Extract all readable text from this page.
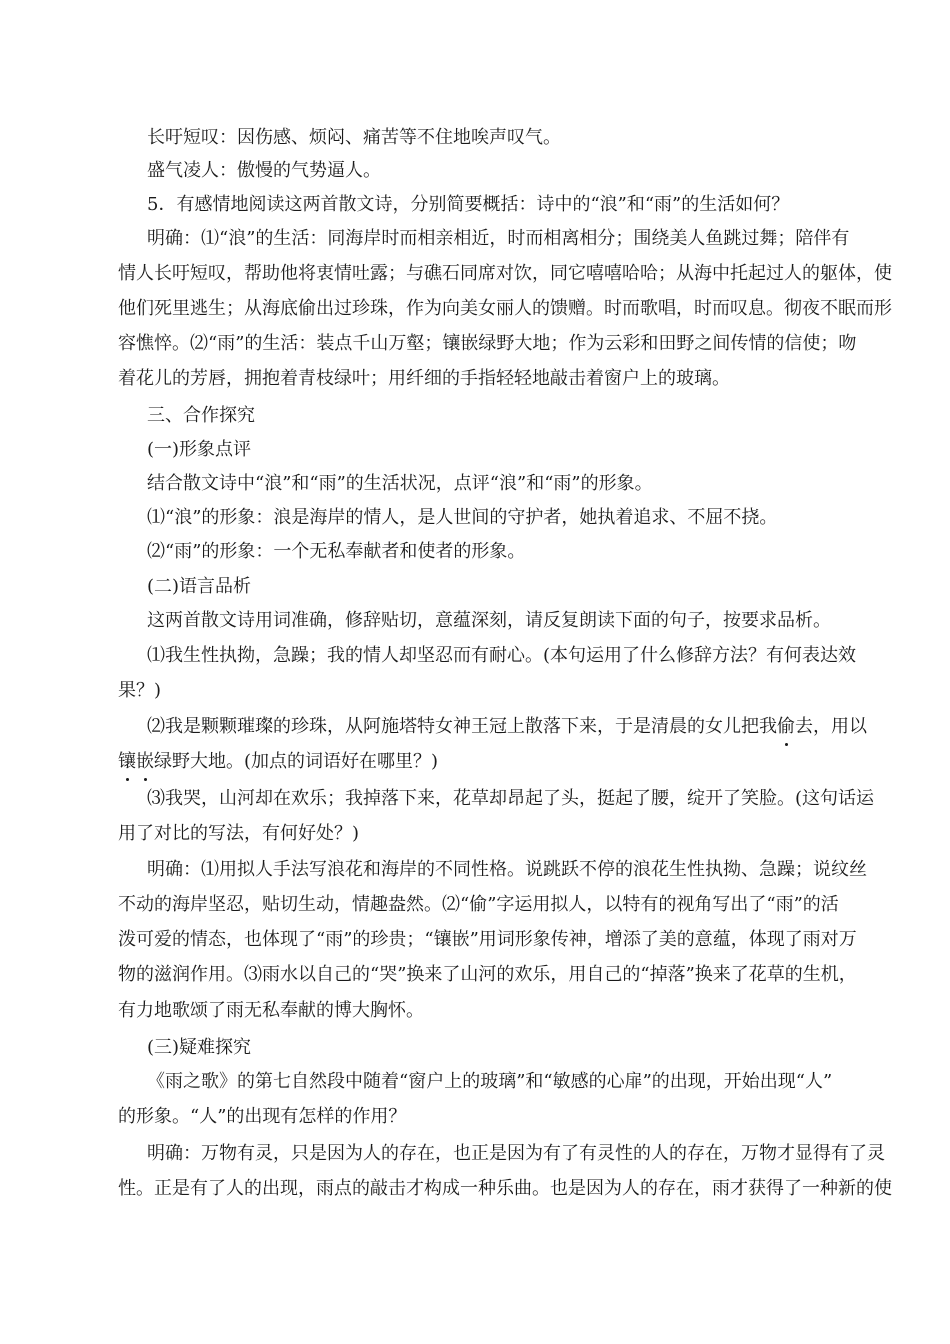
长吁短叹：因伤感、烦闷、痛苦等不住地唉声叹气。
盛气凌人：傲慢的气势逼人。
5．有感情地阅读这两首散文诗，分别简要概括：诗中的“浪”和“雨”的生活如何？
明确：⑴“浪”的生活：同海岸时而相亲相近，时而相离相分；围绕美人鱼跳过舞；陪伴有
情人长吁短叹，帮助他将衷情吐露；与礁石同席对饮，同它嘻嘻哈哈；从海中托起过人的躯体，使
他们死里逃生；从海底偷出过珍珠，作为向美女丽人的馈赠。时而歌唱，时而叹息。彻夜不眠而形
容憔悴。⑵“雨”的生活：装点千山万壑；镶嵌绿野大地；作为云彩和田野之间传情的信使；吻
着花儿的芳唇，拥抱着青枝绿叶；用纤细的手指轻轻地敲击着窗户上的玻璃。
三、合作探究
(一)形象点评
结合散文诗中“浪”和“雨”的生活状况，点评“浪”和“雨”的形象。
⑴“浪”的形象：浪是海岸的情人，是人世间的守护者，她执着追求、不屈不挠。
⑵“雨”的形象：一个无私奉献者和使者的形象。
(二)语言品析
这两首散文诗用词准确，修辞贴切，意蕴深刻，请反复朗读下面的句子，按要求品析。
⑴我生性执拗，急躁；我的情人却坚忍而有耐心。(本句运用了什么修辞方法？有何表达效
果？)
⑵我是颗颗璀璨的珍珠，从阿施塔特女神王冠上散落下来，于是清晨的女儿把我偷去，用以
镶嵌绿野大地。(加点的词语好在哪里？)
⑶我哭，山河却在欢乐；我掉落下来，花草却昂起了头，挺起了腰，绽开了笑脸。(这句话运
用了对比的写法，有何好处？)
明确：⑴用拟人手法写浪花和海岸的不同性格。说跳跃不停的浪花生性执拗、急躁；说纹丝
不动的海岸坚忍，贴切生动，情趣盎然。⑵“偷”字运用拟人，以特有的视角写出了“雨”的活
泼可爱的情态，也体现了“雨”的珍贵；“镶嵌”用词形象传神，增添了美的意蕴，体现了雨对万
物的滋润作用。⑶雨水以自己的“哭”换来了山河的欢乐，用自己的“掉落”换来了花草的生机，
有力地歌颂了雨无私奉献的博大胸怀。
(三)疑难探究
《雨之歌》的第七自然段中随着“窗户上的玻璃”和“敏感的心扉”的出现，开始出现“人”
的形象。“人”的出现有怎样的作用？
明确：万物有灵，只是因为人的存在，也正是因为有了有灵性的人的存在，万物才显得有了灵
性。正是有了人的出现，雨点的敲击才构成一种乐曲。也是因为人的存在，雨才获得了一种新的使
